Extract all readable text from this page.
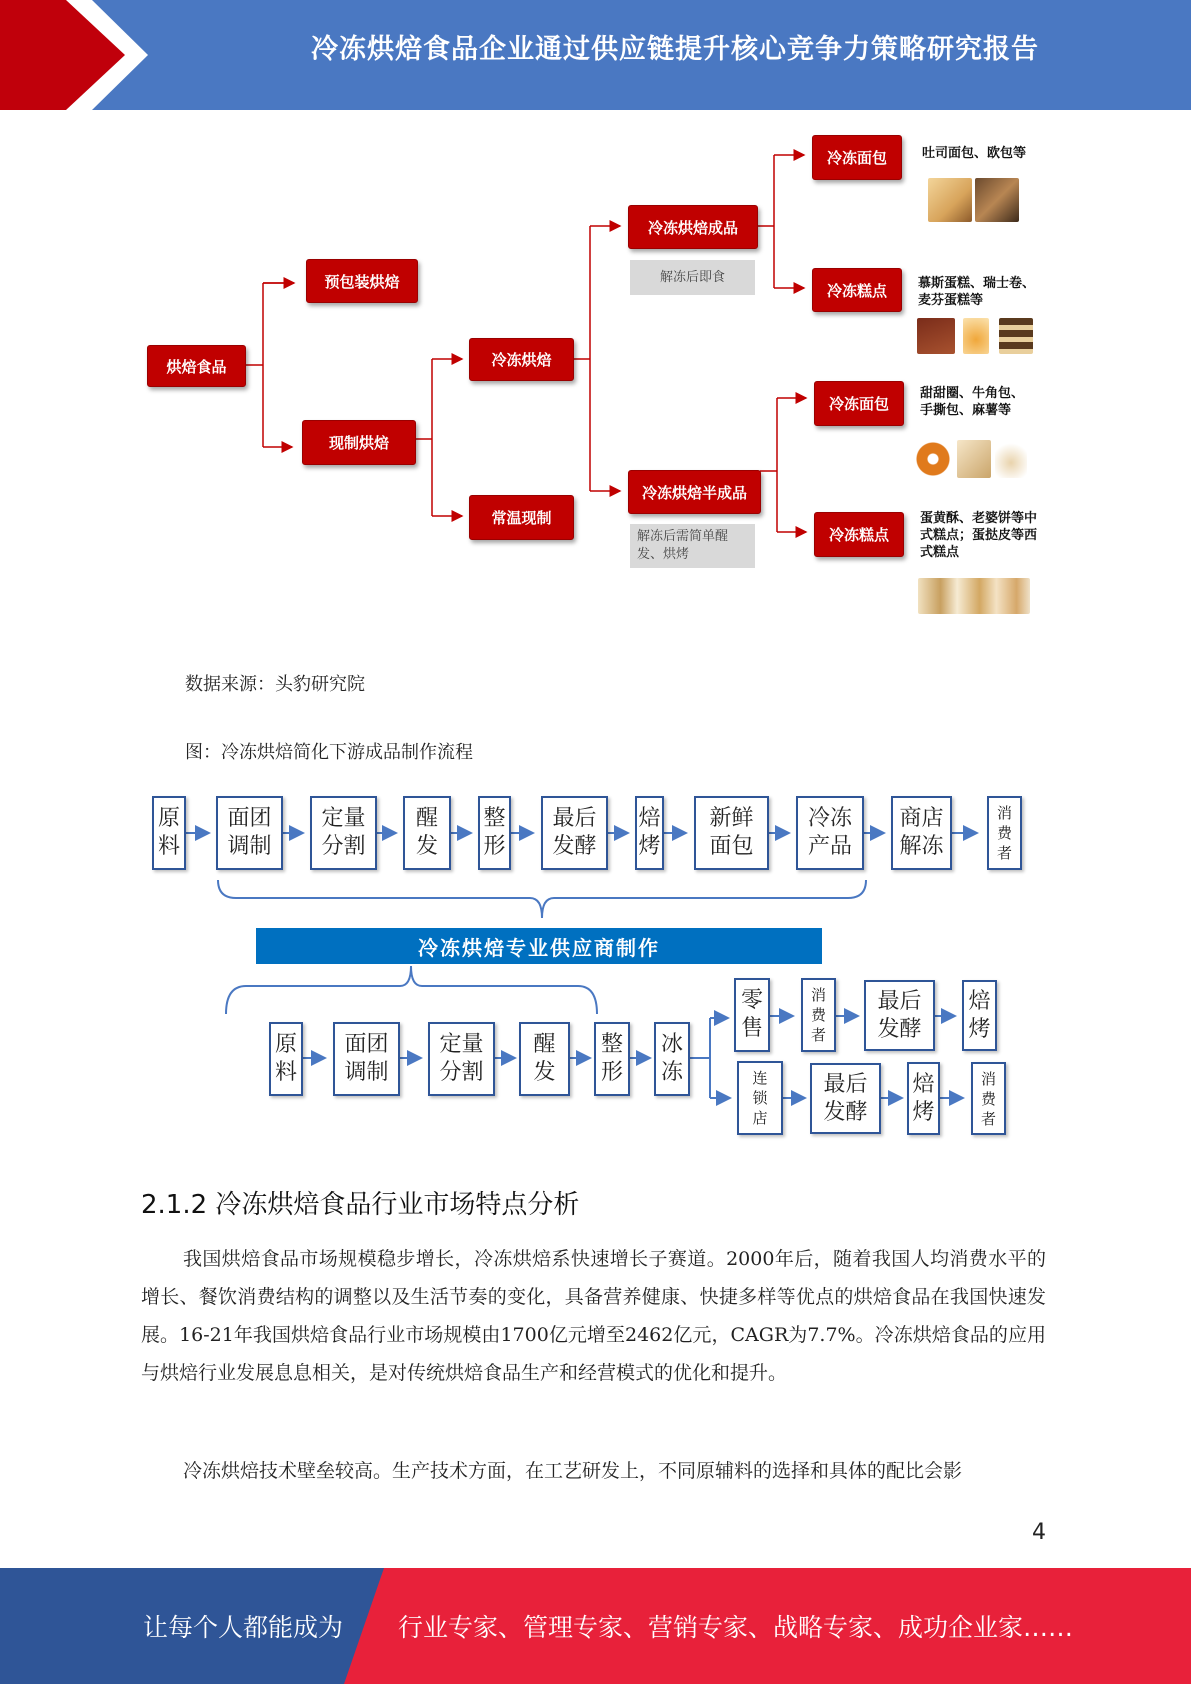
冷冻烘焙食品企业通过供应链提升核心竞争力策略研究报告
烘焙食品
预包装烘焙
现制烘焙
冷冻烘焙
常温现制
冷冻烘焙成品
解冻后即食
冷冻烘焙半成品
解冻后需简单醒发、烘烤
冷冻面包
冷冻糕点
冷冻面包
冷冻糕点
吐司面包、欧包等
慕斯蛋糕、瑞士卷、麦芬蛋糕等
甜甜圈、牛角包、手撕包、麻薯等
蛋黄酥、老婆饼等中式糕点；蛋挞皮等西式糕点
数据来源：头豹研究院
图：冷冻烘焙简化下游成品制作流程
原料
面团调制
定量分割
醒发
整形
最后发酵
焙烤
新鲜面包
冷冻产品
商店解冻
消费者
冷冻烘焙专业供应商制作
原料
面团调制
定量分割
醒发
整形
冰冻
零售
消费者
最后发酵
焙烤
连锁店
最后发酵
焙烤
消费者
2.1.2 冷冻烘焙食品行业市场特点分析
我国烘焙食品市场规模稳步增长，冷冻烘焙系快速增长子赛道。2000年后，随着我国人均消费水平的增长、餐饮消费结构的调整以及生活节奏的变化，具备营养健康、快捷多样等优点的烘焙食品在我国快速发展。16-21年我国烘焙食品行业市场规模由1700亿元增至2462亿元，CAGR为7.7%。冷冻烘焙食品的应用与烘焙行业发展息息相关，是对传统烘焙食品生产和经营模式的优化和提升。
冷冻烘焙技术壁垒较高。生产技术方面，在工艺研发上，不同原辅料的选择和具体的配比会影
4
让每个人都能成为 行业专家、管理专家、营销专家、战略专家、成功企业家……
